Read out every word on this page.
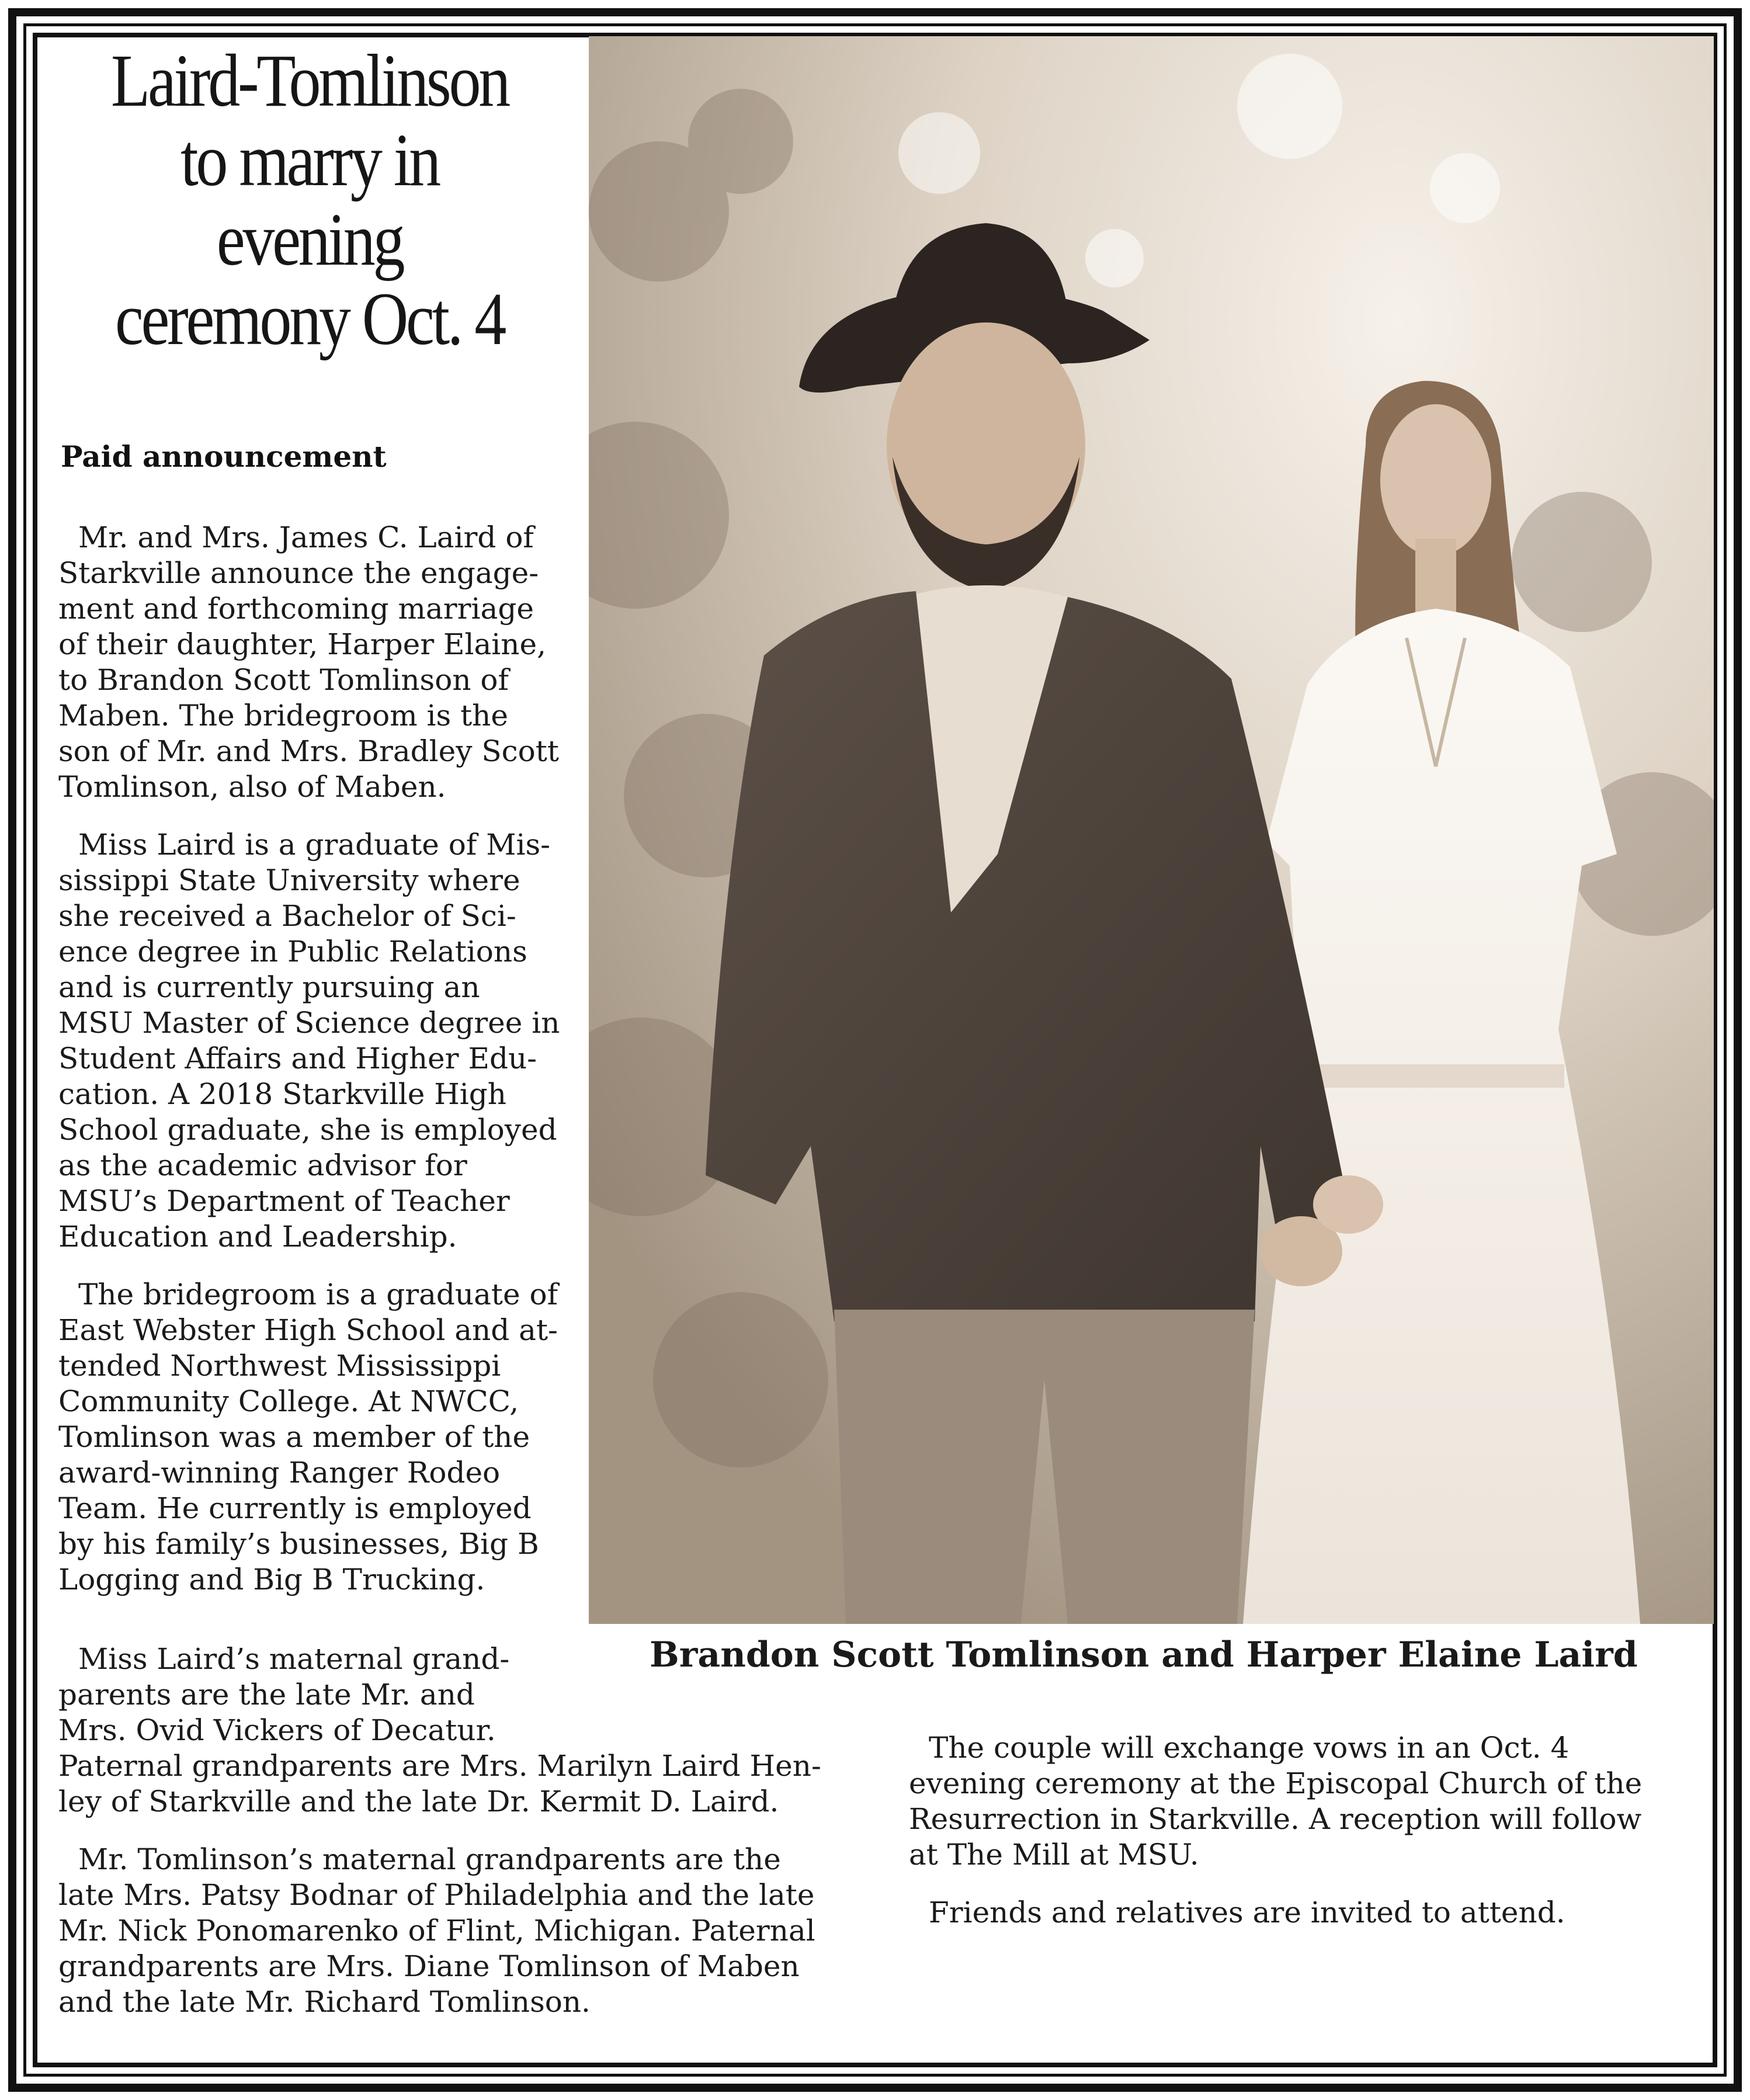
Laird-Tomlinson
to marry in
evening
ceremony Oct. 4
Paid announcement

Mr. and Mrs. James C. Laird of
Starkville announce the engage-
ment and forthcoming marriage
of their daughter, Harper Elaine,
to Brandon Scott Tomlinson of
Maben. The bridegroom is the
son of Mr. and Mrs. Bradley Scott
Tomlinson, also of Maben.

Miss Laird is a graduate of Mis-
sissippi State University where
she received a Bachelor of Sci-
ence degree in Public Relations
and is currently pursuing an
MSU Master of Science degree in
Student Affairs and Higher Edu-
cation. A 2018 Starkville High
School graduate, she is employed
as the academic advisor for
MSU’s Department of Teacher
Education and Leadership.

The bridegroom is a graduate of
East Webster High School and at-
tended Northwest Mississippi
Community College. At NWCC,
Tomlinson was a member of the
award-winning Ranger Rodeo
Team. He currently is employed
by his family’s businesses, Big B
Logging and Big B Trucking.

Brandon Scott Tomlinson and Harper Elaine Laird

Miss Laird’s maternal grand-
parents are the late Mr. and
Mrs. Ovid Vickers of Decatur.
Paternal grandparents are Mrs. Marilyn Laird Hen-
ley of Starkville and the late Dr. Kermit D. Laird.

Mr. Tomlinson’s maternal grandparents are the
late Mrs. Patsy Bodnar of Philadelphia and the late
Mr. Nick Ponomarenko of Flint, Michigan. Paternal
grandparents are Mrs. Diane Tomlinson of Maben
and the late Mr. Richard Tomlinson.

The couple will exchange vows in an Oct. 4
evening ceremony at the Episcopal Church of the
Resurrection in Starkville. A reception will follow
at The Mill at MSU.

Friends and relatives are invited to attend.
